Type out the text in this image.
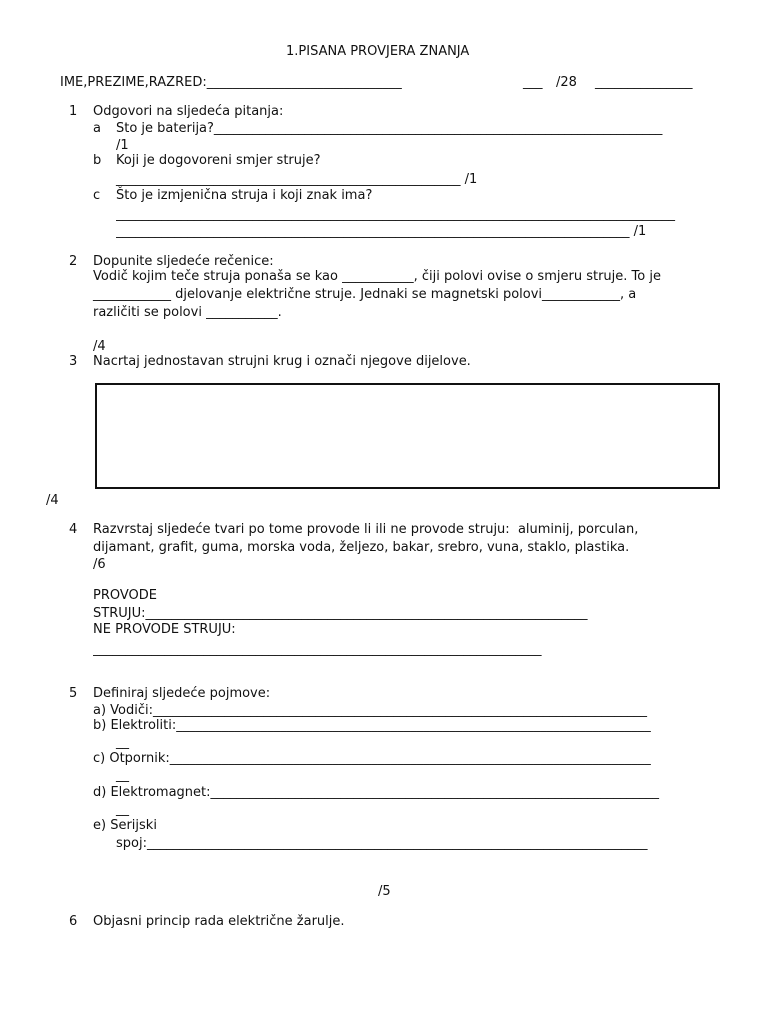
1.PISANA PROVJERA ZNANJA
IME,PREZIME,RAZRED:______________________________	___ /28 _______________
1 Odgovori na sljedeća pitanja:
a Što je baterija?_____________________________________________________________________
/1
b Koji je dogovoreni smjer struje?
_____________________________________________________ /1
c Što je izmjenična struja i koji znak ima?
______________________________________________________________________________________
_______________________________________________________________________________ /1
2 Dopunite sljedeće rečenice:
Vodič kojim teče struja ponaša se kao ___________, čiji polovi ovise o smjeru struje. To je
____________ djelovanje električne struje. Jednaki se magnetski polovi____________, a
različiti se polovi ___________.
/4
3 Nacrtaj jednostavan strujni krug i označi njegove dijelove.
/4
4 Razvrstaj sljedeće tvari po tome provode li ili ne provode struju:  aluminij, porculan,
dijamant, grafit, guma, morska voda, željezo, bakar, srebro, vuna, staklo, plastika.
/6
PROVODE
STRUJU:____________________________________________________________________
NE PROVODE STRUJU:
_____________________________________________________________________
5 Definiraj sljedeće pojmove:
a) Vodiči:____________________________________________________________________________
b) Elektroliti:_________________________________________________________________________
__
c) Otpornik:__________________________________________________________________________
__
d) Elektromagnet:_____________________________________________________________________
__
e) Serijski
spoj:_____________________________________________________________________________
/5
6 Objasni princip rada električne žarulje.
